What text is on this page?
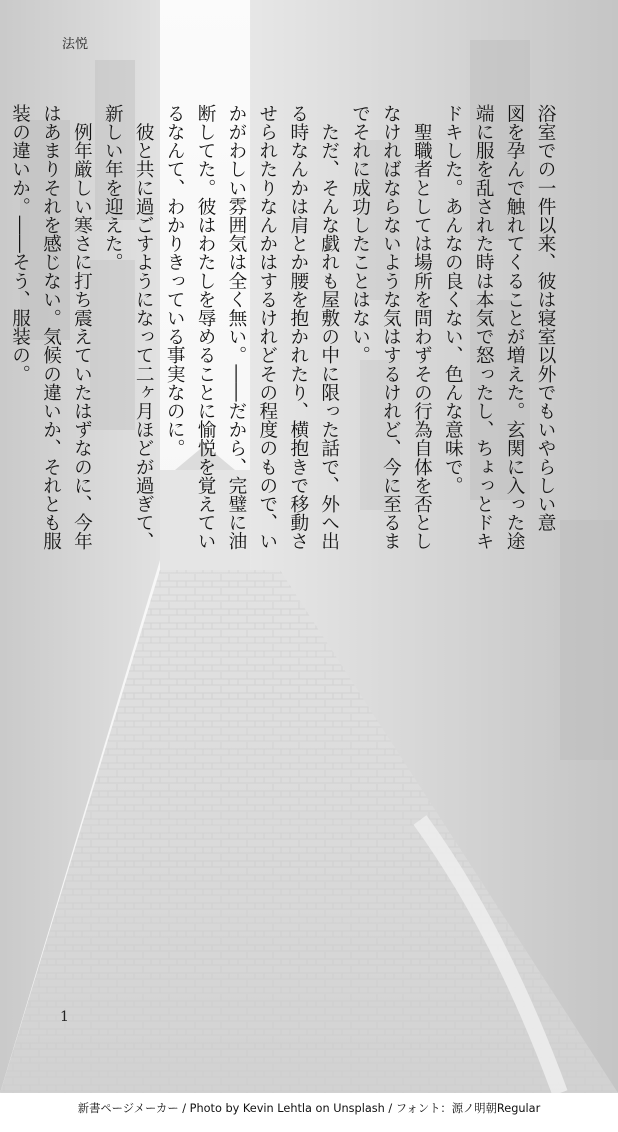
法悦

浴室での一件以来、彼は寝室以外でもいやらしい意

図を孕んで触れてくることが増えた。玄関に入った途

端に服を乱された時は本気で怒ったし、ちょっとドキ

ドキした。あんなの良くない、色んな意味で。

　聖職者としては場所を問わずその行為自体を否とし

なければならないような気はするけれど、今に至るま

でそれに成功したことはない。

　ただ、そんな戯れも屋敷の中に限った話で、外へ出

る時なんかは肩とか腰を抱かれたり、横抱きで移動さ

せられたりなんかはするけれどその程度のもので、い

かがわしい雰囲気は全く無い。――だから、完璧に油

断してた。彼はわたしを辱めることに愉悦を覚えてい

るなんて、わかりきっている事実なのに。

　彼と共に過ごすようになって二ヶ月ほどが過ぎて、

新しい年を迎えた。

　例年厳しい寒さに打ち震えていたはずなのに、今年

はあまりそれを感じない。気候の違いか、それとも服

装の違いか。――そう、服装の。

1
新書ページメーカー / Photo by Kevin Lehtla on Unsplash / フォント：源ノ明朝Regular
